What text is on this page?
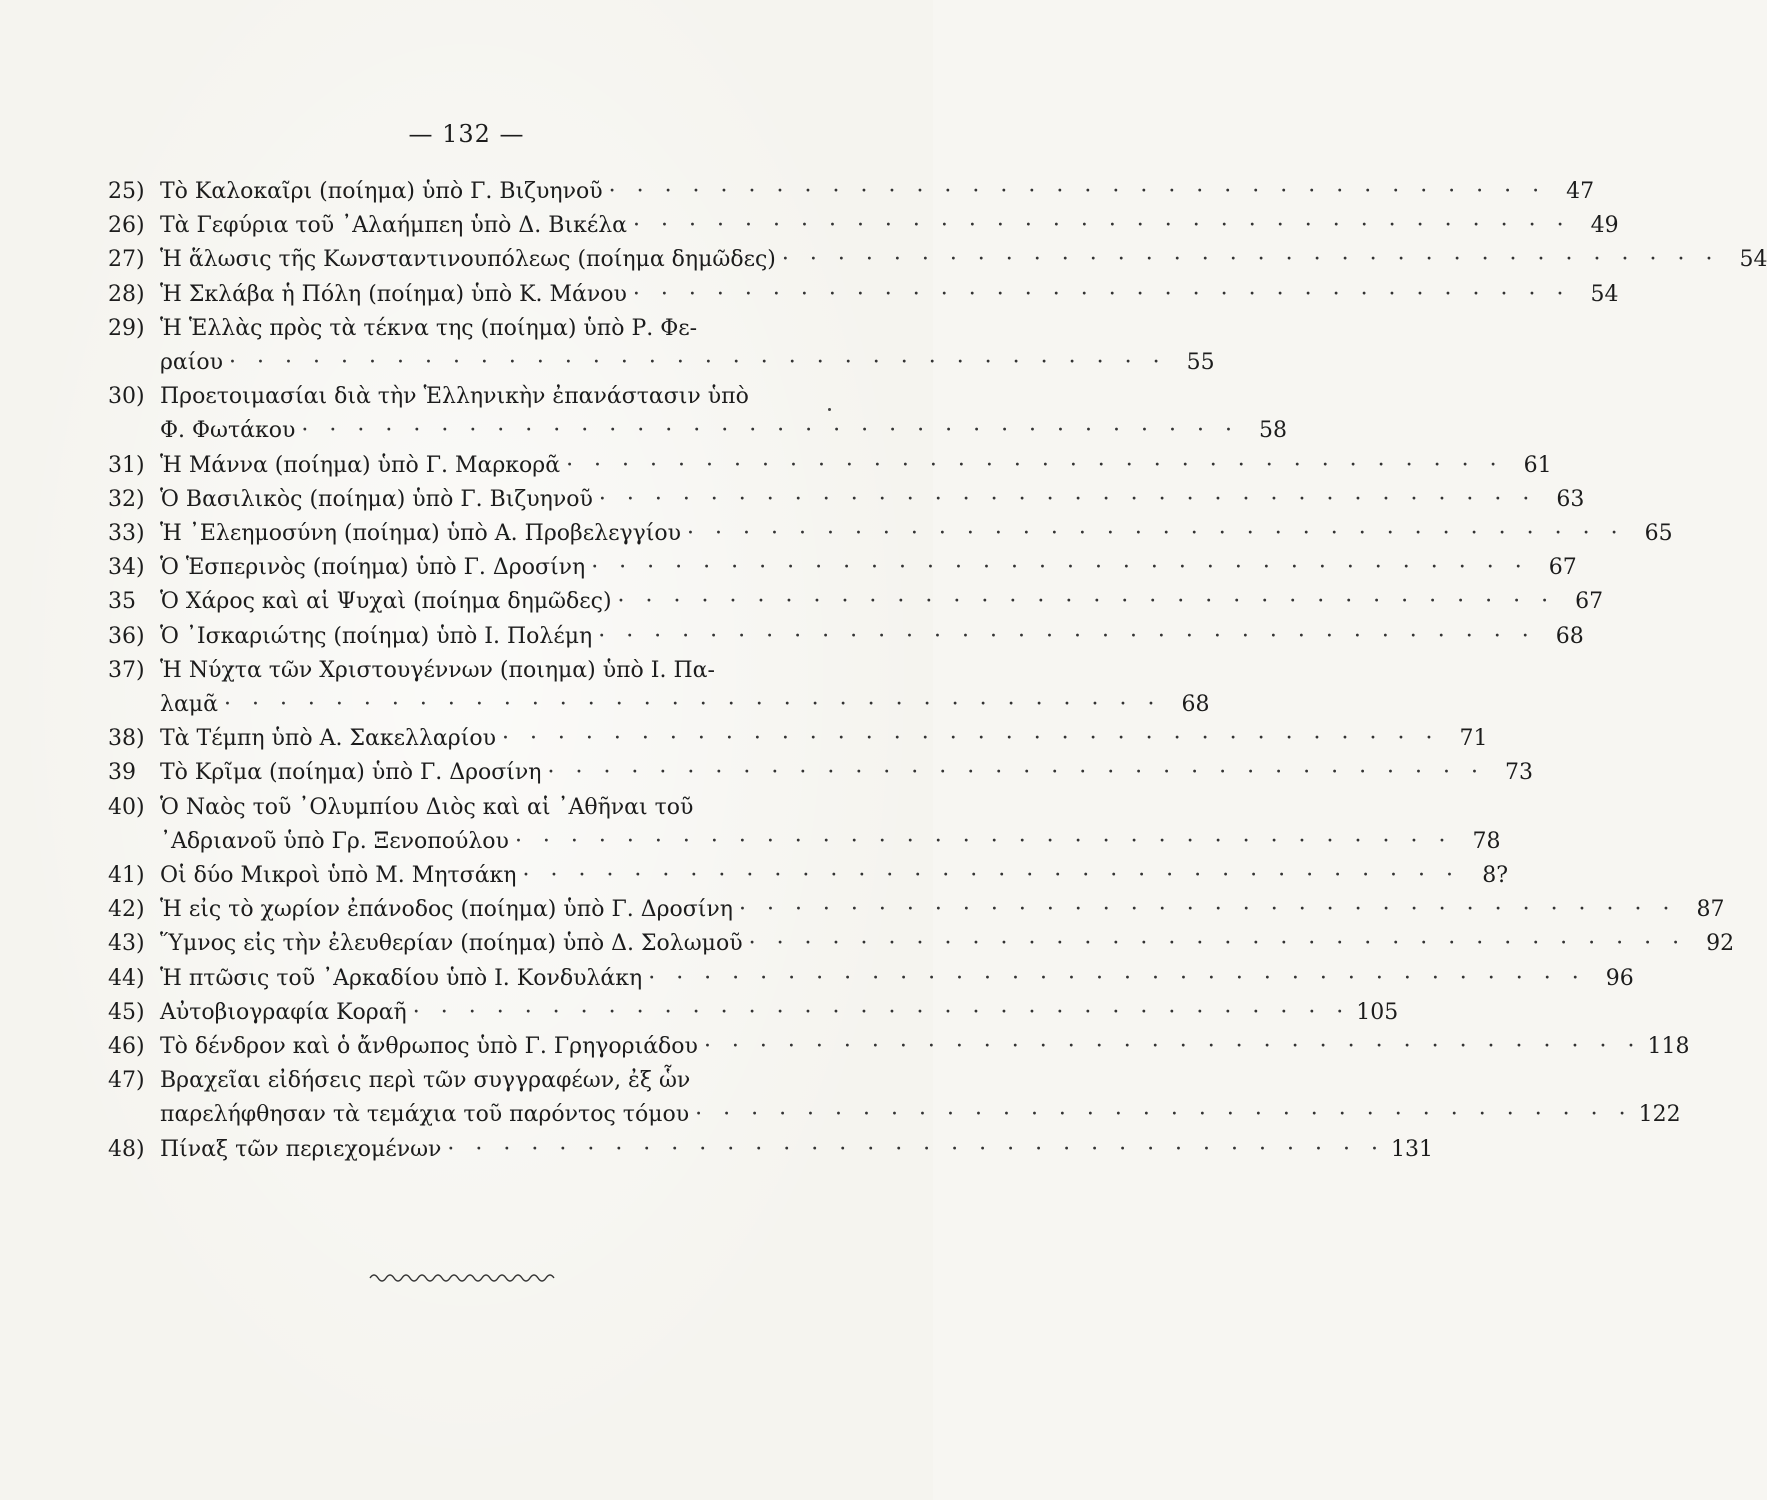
— 132 —
25) Τὸ Καλοκαῖρι (ποίημα) ὑπὸ Γ. Βιζυηνοῦ · · · · · · · · · · · · · · · · · · · · · · · · · · · · · · · · · · 47
26) Τὰ Γεφύρια τοῦ ᾿Αλαήμπεη ὑπὸ Δ. Βικέλα · · · · · · · · · · · · · · · · · · · · · · · · · · · · · · · · · · 49
27) Ἡ ἅλωσις τῆς Κωνσταντινουπόλεως (ποίημα δημῶδες) · · · · · · · · · · · · · · · · · · · · · · · · · · · · · · · · · · 54
28) Ἡ Σκλάβα ἡ Πόλη (ποίημα) ὑπὸ Κ. Μάνου · · · · · · · · · · · · · · · · · · · · · · · · · · · · · · · · · · 54
29) Ἡ Ἑλλὰς πρὸς τὰ τέκνα της (ποίημα) ὑπὸ Ρ. Φε-
ραίου · · · · · · · · · · · · · · · · · · · · · · · · · · · · · · · · · · 55
30) Προετοιμασίαι διὰ τὴν Ἑλληνικὴν ἐπανάστασιν ὑπὸ
Φ. Φωτάκου · · · · · · · · · · · · · · · · · · · · · · · · · · · · · · · · · · 58
31) Ἡ Μάννα (ποίημα) ὑπὸ Γ. Μαρκορᾶ · · · · · · · · · · · · · · · · · · · · · · · · · · · · · · · · · · 61
32) Ὁ Βασιλικὸς (ποίημα) ὑπὸ Γ. Βιζυηνοῦ · · · · · · · · · · · · · · · · · · · · · · · · · · · · · · · · · · 63
33) Ἡ ᾿Ελεημοσύνη (ποίημα) ὑπὸ Α. Προβελεγγίου · · · · · · · · · · · · · · · · · · · · · · · · · · · · · · · · · · 65
34) Ὁ Ἑσπερινὸς (ποίημα) ὑπὸ Γ. Δροσίνη · · · · · · · · · · · · · · · · · · · · · · · · · · · · · · · · · · 67
35	Ὁ Χάρος καὶ αἱ Ψυχαὶ (ποίημα δημῶδες) · · · · · · · · · · · · · · · · · · · · · · · · · · · · · · · · · · 67
36) Ὁ ᾿Ισκαριώτης (ποίημα) ὑπὸ Ι. Πολέμη · · · · · · · · · · · · · · · · · · · · · · · · · · · · · · · · · · 68
37) Ἡ Νύχτα τῶν Χριστουγέννων (ποιημα) ὑπὸ Ι. Πα-
λαμᾶ · · · · · · · · · · · · · · · · · · · · · · · · · · · · · · · · · · 68
38) Τὰ Τέμπη ὑπὸ Α. Σακελλαρίου · · · · · · · · · · · · · · · · · · · · · · · · · · · · · · · · · · 71
39	Τὸ Κρῖμα (ποίημα) ὑπὸ Γ. Δροσίνη · · · · · · · · · · · · · · · · · · · · · · · · · · · · · · · · · · 73
40) Ὁ Ναὸς τοῦ ᾿Ολυμπίου Διὸς καὶ αἱ ᾿Αθῆναι τοῦ
᾿Αδριανοῦ ὑπὸ Γρ. Ξενοπούλου · · · · · · · · · · · · · · · · · · · · · · · · · · · · · · · · · · 78
41) Οἱ δύο Μικροὶ ὑπὸ Μ. Μητσάκη · · · · · · · · · · · · · · · · · · · · · · · · · · · · · · · · · ·	8?
42) Ἡ εἰς τὸ χωρίον ἐπάνοδος (ποίημα) ὑπὸ Γ. Δροσίνη · · · · · · · · · · · · · · · · · · · · · · · · · · · · · · · · · · 87
43) Ὕμνος εἰς τὴν ἐλευθερίαν (ποίημα) ὑπὸ Δ. Σολωμοῦ · · · · · · · · · · · · · · · · · · · · · · · · · · · · · · · · · · 92
44) Ἡ πτῶσις τοῦ ᾿Αρκαδίου ὑπὸ Ι. Κονδυλάκη · · · · · · · · · · · · · · · · · · · · · · · · · · · · · · · · · · 96
45) Αὐτοβιογραφία Κοραῆ · · · · · · · · · · · · · · · · · · · · · · · · · · · · · · · · · · 105
46) Τὸ δένδρον καὶ ὁ ἄνθρωπος ὑπὸ Γ. Γρηγοριάδου · · · · · · · · · · · · · · · · · · · · · · · · · · · · · · · · · · 118
47) Βραχεῖαι εἰδήσεις περὶ τῶν συγγραφέων, ἐξ ὧν
παρελήφθησαν τὰ τεμάχια τοῦ παρόντος τόμου · · · · · · · · · · · · · · · · · · · · · · · · · · · · · · · · · · 122
48) Πίναξ τῶν περιεχομένων · · · · · · · · · · · · · · · · · · · · · · · · · · · · · · · · · · 131
